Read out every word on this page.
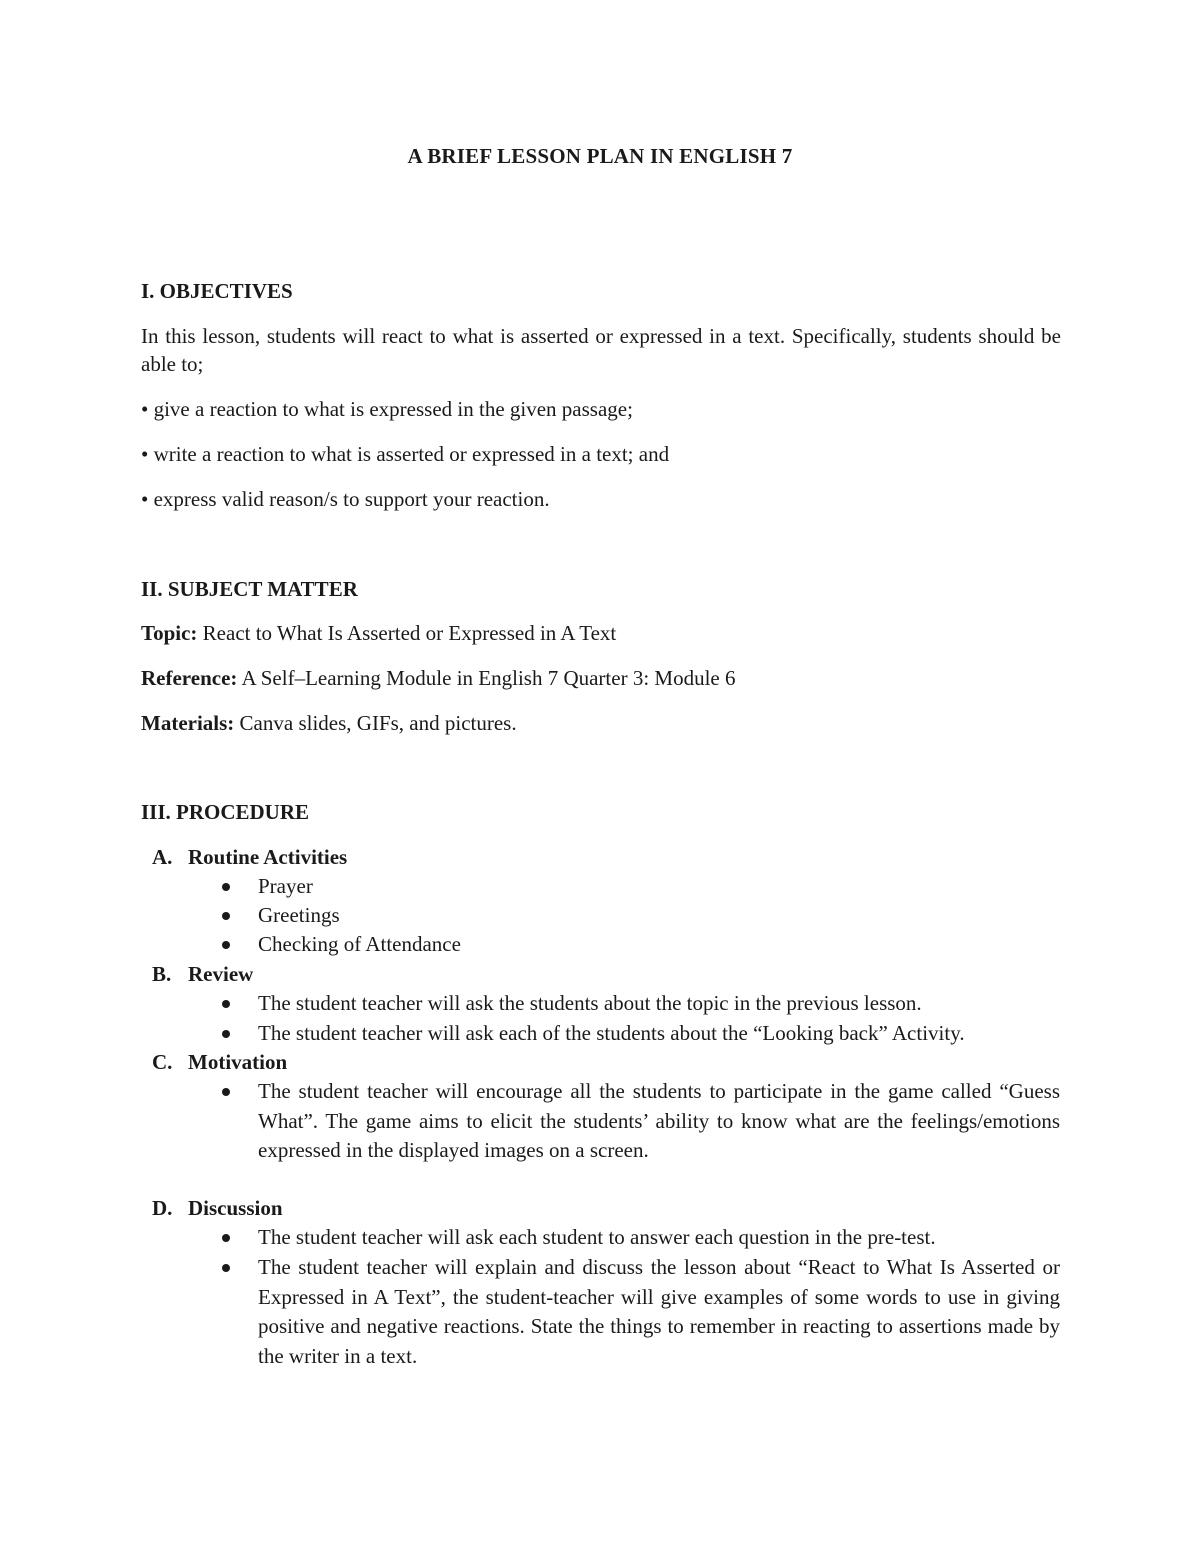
A BRIEF LESSON PLAN IN ENGLISH 7
I. OBJECTIVES
In this lesson, students will react to what is asserted or expressed in a text. Specifically, students should be able to;
• give a reaction to what is expressed in the given passage;
• write a reaction to what is asserted or expressed in a text; and
• express valid reason/s to support your reaction.
II. SUBJECT MATTER
Topic: React to What Is Asserted or Expressed in A Text
Reference: A Self–Learning Module in English 7 Quarter 3: Module 6
Materials: Canva slides, GIFs, and pictures.
III. PROCEDURE
A. Routine Activities
Prayer
Greetings
Checking of Attendance
B. Review
The student teacher will ask the students about the topic in the previous lesson.
The student teacher will ask each of the students about the “Looking back” Activity.
C. Motivation
The student teacher will encourage all the students to participate in the game called “Guess What”. The game aims to elicit the students’ ability to know what are the feelings/emotions expressed in the displayed images on a screen.
D. Discussion
The student teacher will ask each student to answer each question in the pre-test.
The student teacher will explain and discuss the lesson about “React to What Is Asserted or Expressed in A Text”, the student-teacher will give examples of some words to use in giving positive and negative reactions. State the things to remember in reacting to assertions made by the writer in a text.
